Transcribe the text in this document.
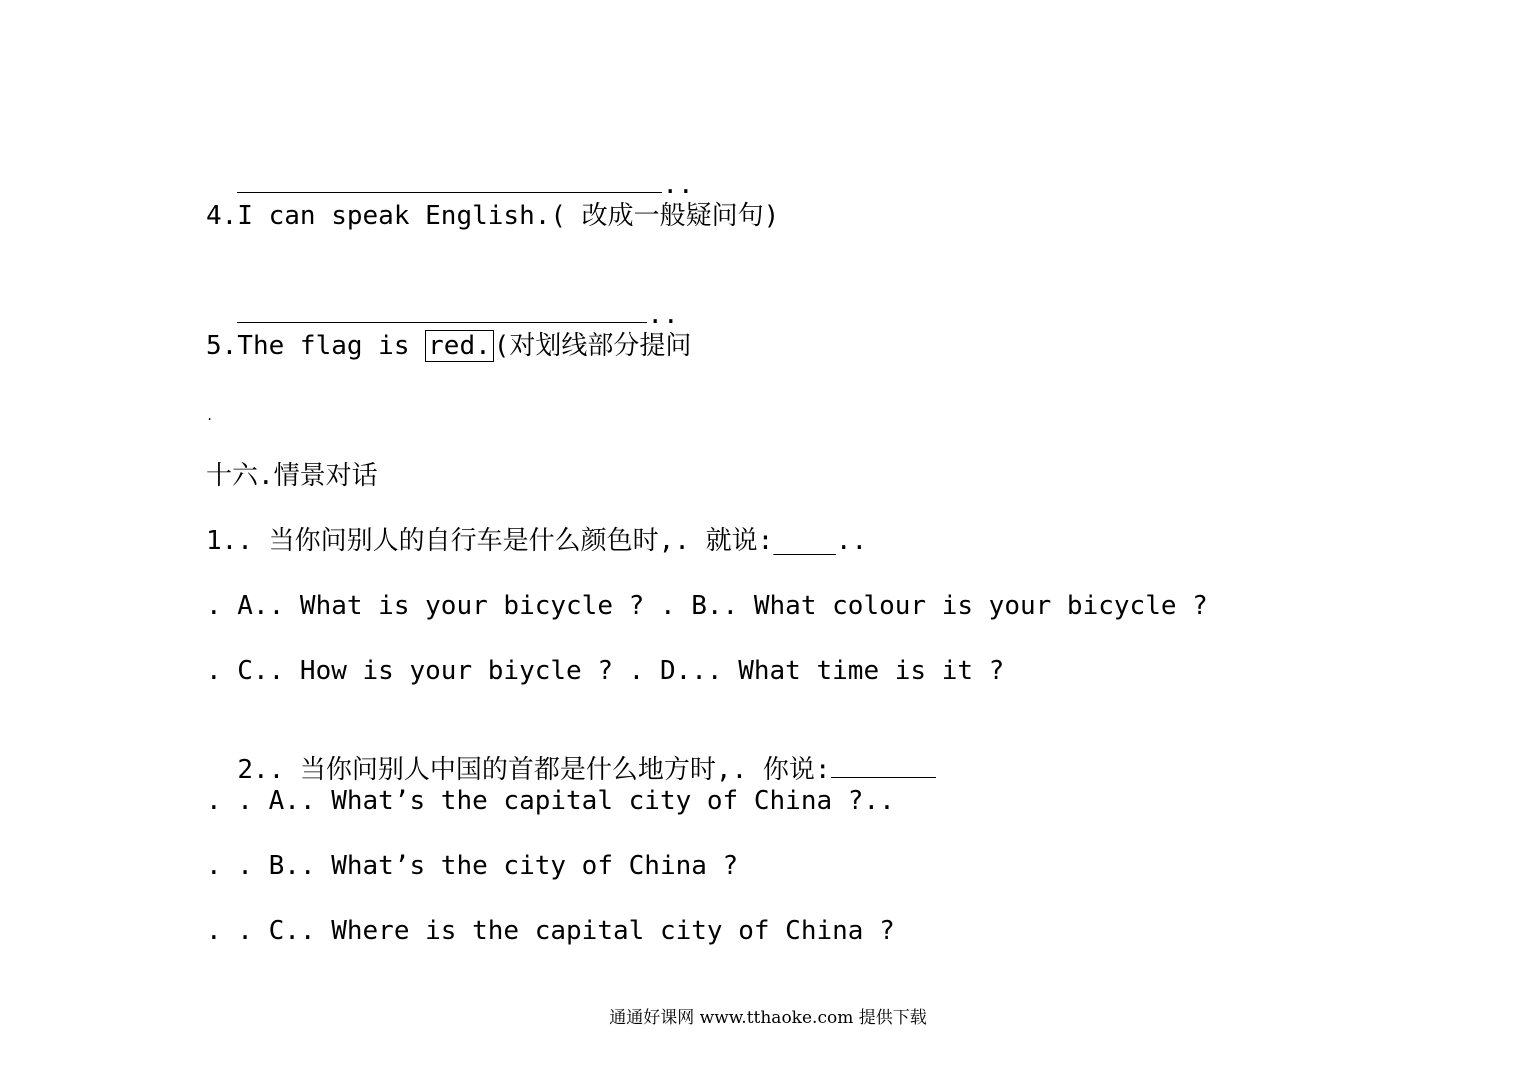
..

4.I can speak English.( 改成一般疑问句)

..

5.The flag is red. (对划线部分提问
.
十六.情景对话
1.. 当你问别人的自行车是什么颜色时,. 就说:____..
. A.. What is your bicycle ? . B.. What colour is your bicycle ?
. C.. How is your biycle ? . D... What time is it ?

2.. 当你问别人中国的首都是什么地方时,. 你说:

. . A.. What’s the capital city of China ?..
. . B.. What’s the city of China ?
. . C.. Where is the capital city of China ?
通通好课网 www.tthaoke.com 提供下载
